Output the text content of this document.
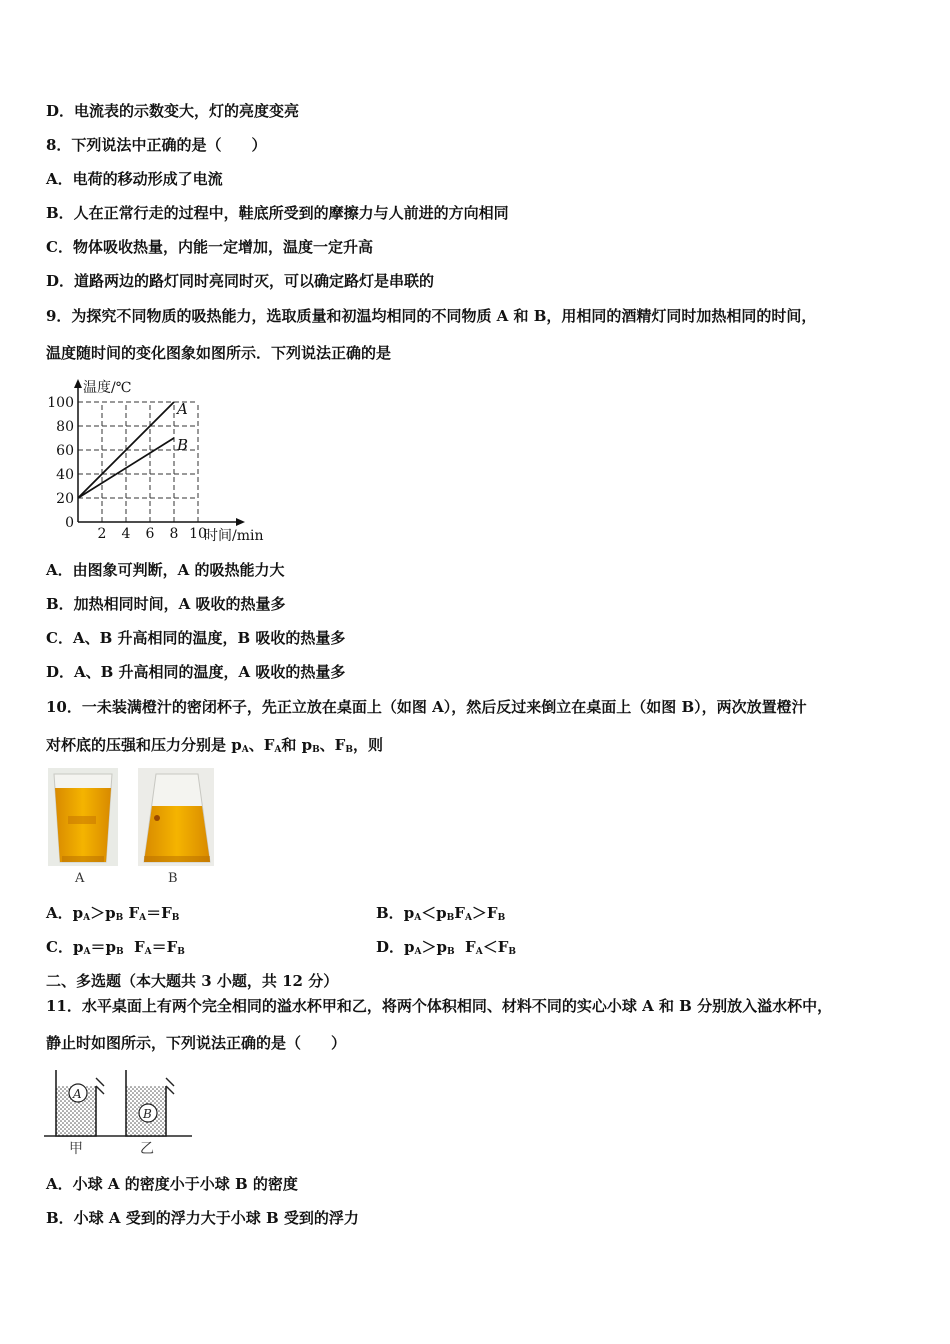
D．电流表的示数变大，灯的亮度变亮
8．下列说法中正确的是（　　）
A．电荷的移动形成了电流
B．人在正常行走的过程中，鞋底所受到的摩擦力与人前进的方向相同
C．物体吸收热量，内能一定增加，温度一定升高
D．道路两边的路灯同时亮同时灭，可以确定路灯是串联的
9．为探究不同物质的吸热能力，选取质量和初温均相同的不同物质 A 和 B，用相同的酒精灯同时加热相同的时间，
温度随时间的变化图象如图所示．下列说法正确的是
0
20
40
60
80
100
2 4 6 8 10
温度/℃
时间/min
A
B
A．由图象可判断，A 的吸热能力大
B．加热相同时间，A 吸收的热量多
C．A、B 升高相同的温度，B 吸收的热量多
D．A、B 升高相同的温度，A 吸收的热量多
10．一未装满橙汁的密闭杯子，先正立放在桌面上（如图 A），然后反过来倒立在桌面上（如图 B），两次放置橙汁
对杯底的压强和压力分别是 $p_A$、$F_A$和 $p_B$、$F_B$，则
A	B
A．$p_A>p_B$ $F_A=F_B$	B．$p_A<p_BF_A>F_B$
C．$p_A=p_B$  $F_A=F_B$	D．$p_A>p_B$  $F_A<F_B$
二、多选题（本大题共 3 小题，共 12 分）
11．水平桌面上有两个完全相同的溢水杯甲和乙，将两个体积相同、材料不同的实心小球 A 和 B 分别放入溢水杯中，
静止时如图所示，下列说法正确的是（　　）
A
B
甲	乙
A．小球 A 的密度小于小球 B 的密度
B．小球 A 受到的浮力大于小球 B 受到的浮力
